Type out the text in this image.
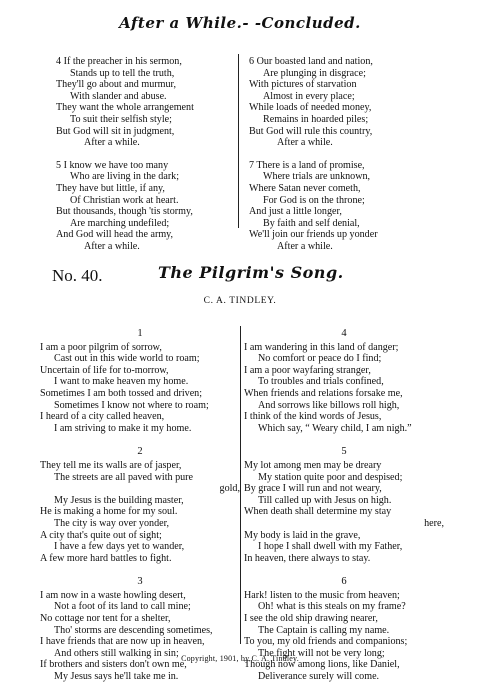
After a While.- -Concluded.
4 If the preacher in his sermon,
Stands up to tell the truth,
They'll go about and murmur,
With slander and abuse.
They want the whole arrangement
To suit their selfish style;
But God will sit in judgment,
After a while.
5 I know we have too many
Who are living in the dark;
They have but little, if any,
Of Christian work at heart.
But thousands, though 'tis stormy,
Are marching undefiled;
And God will head the army,
After a while.
6 Our boasted land and nation,
Are plunging in disgrace;
With pictures of starvation
Almost in every place;
While loads of needed money,
Remains in hoarded piles;
But God will rule this country,
After a while.
7 There is a land of promise,
Where trials are unknown,
Where Satan never cometh,
For God is on the throne;
And just a little longer,
By faith and self denial,
We'll join our friends up yonder
After a while.
No. 40.	The Pilgrim's Song.
C. A. TINDLEY.
1
I am a poor pilgrim of sorrow,
Cast out in this wide world to roam;
Uncertain of life for to-morrow,
I want to make heaven my home.
Sometimes I am both tossed and driven;
Sometimes I know not where to roam;
I heard of a city called heaven,
I am striving to make it my home.
2
They tell me its walls are of jasper,
The streets are all paved with pure
gold,
My Jesus is the building master,
He is making a home for my soul.
The city is way over yonder,
A city that's quite out of sight;
I have a few days yet to wander,
A few more hard battles to fight.
3
I am now in a waste howling desert,
Not a foot of its land to call mine;
No cottage nor tent for a shelter,
Tho' storms are descending sometimes,
I have friends that are now up in heaven,
And others still walking in sin;
If brothers and sisters don't own me,
My Jesus says he'll take me in.
4
I am wandering in this land of danger;
No comfort or peace do I find;
I am a poor wayfaring stranger,
To troubles and trials confined,
When friends and relations forsake me,
And sorrows like billows roll high,
I think of the kind words of Jesus,
Which say, “ Weary child, I am nigh.”
5
My lot among men may be dreary
My station quite poor and despised;
By grace I will run and not weary,
Till called up with Jesus on high.
When death shall determine my stay
here,
My body is laid in the grave,
I hope I shall dwell with my Father,
In heaven, there always to stay.
6
Hark! listen to the music from heaven;
Oh! what is this steals on my frame?
I see the old ship drawing nearer,
The Captain is calling my name.
To you, my old friends and companions;
The fight will not be very long;
Though now among lions, like Daniel,
Deliverance surely will come.
Copyright, 1901, by C. A. Tindley.
